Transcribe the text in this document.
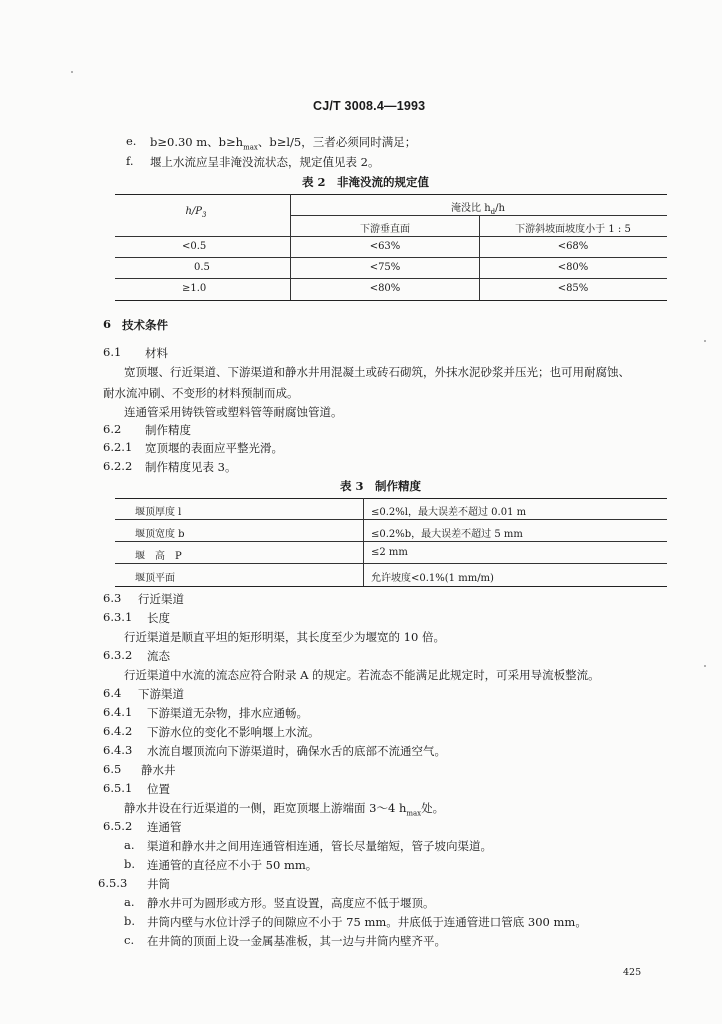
CJ/T 3008.4—1993
e. b≥0.30 m、$b\ge h_{max}$、b≥l/5，三者必须同时满足；
f. 堰上水流应呈非淹没流状态，规定值见表 2。
表 2　非淹没流的规定值
$h/P_3$
淹没比 $h_d/h$
下游垂直面	下游斜坡面坡度小于 1 : 5
<0.5	<63%	<68%
0.5	<75%	<80%
≥1.0	<80%	<85%
6 技术条件
6.1 材料
宽顶堰、行近渠道、下游渠道和静水井用混凝土或砖石砌筑，外抹水泥砂浆并压光；也可用耐腐蚀、
耐水流冲刷、不变形的材料预制而成。
连通管采用铸铁管或塑料管等耐腐蚀管道。
6.2 制作精度
6.2.1 宽顶堰的表面应平整光滑。
6.2.2 制作精度见表 3。
表 3　制作精度
堰顶厚度 l	≤0.2%l，最大误差不超过 0.01 m
堰顶宽度 b	≤0.2%b，最大误差不超过 5 mm
堰　高　P	≤2 mm
堰顶平面	允许坡度<0.1%(1 mm/m)
6.3 行近渠道
6.3.1 长度
行近渠道是顺直平坦的矩形明渠，其长度至少为堰宽的 10 倍。
6.3.2 流态
行近渠道中水流的流态应符合附录 A 的规定。若流态不能满足此规定时，可采用导流板整流。
6.4 下游渠道
6.4.1 下游渠道无杂物，排水应通畅。
6.4.2 下游水位的变化不影响堰上水流。
6.4.3 水流自堰顶流向下游渠道时，确保水舌的底部不流通空气。
6.5 静水井
6.5.1 位置
静水井设在行近渠道的一侧，距宽顶堰上游端面 3～4 $h_{max}$处。
6.5.2 连通管
a. 渠道和静水井之间用连通管相连通，管长尽量缩短，管子坡向渠道。
b. 连通管的直径应不小于 50 mm。
6.5.3 井筒
a. 静水井可为圆形或方形。竖直设置，高度应不低于堰顶。
b. 井筒内壁与水位计浮子的间隙应不小于 75 mm。井底低于连通管进口管底 300 mm。
c. 在井筒的顶面上设一金属基准板，其一边与井筒内壁齐平。
425
